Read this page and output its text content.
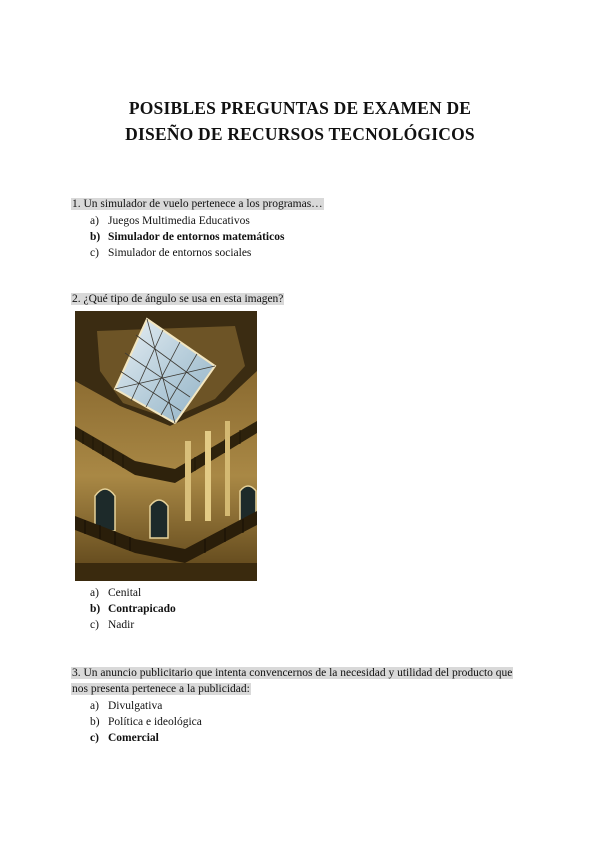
POSIBLES PREGUNTAS DE EXAMEN DE
DISEÑO DE RECURSOS TECNOLÓGICOS
1. Un simulador de vuelo pertenece a los programas…
a) Juegos Multimedia Educativos
b) Simulador de entornos matemáticos
c) Simulador de entornos sociales
2. ¿Qué tipo de ángulo se usa en esta imagen?
a) Cenital
b) Contrapicado
c) Nadir
3. Un anuncio publicitario que intenta convencernos de la necesidad y utilidad del producto que nos presenta pertenece a la publicidad:
a) Divulgativa
b) Política e ideológica
c) Comercial
